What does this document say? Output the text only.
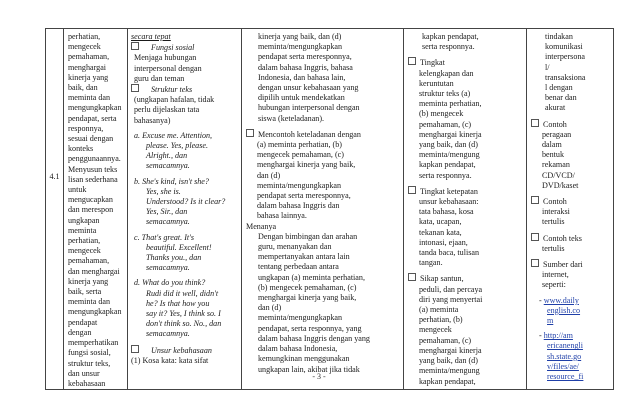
4.1

perhatian,
mengecek
pemahaman,
menghargai
kinerja yang
baik, dan
meminta dan
mengungkapkan
pendapat, serta
responnya,
sesuai dengan
konteks
penggunaannya.
Menyusun teks
lisan sederhana
untuk
mengucapkan
dan merespon
ungkapan
meminta
perhatian,
mengecek
pemahaman,
dan menghargai
kinerja yang
baik, serta
meminta dan
mengungkapkan
pendapat
dengan
memperhatikan
fungsi sosial,
struktur teks,
dan unsur
kebahasaan

secara tepat
Fungsi sosial
Menjaga hubungan
interpersonal dengan
guru dan teman
Struktur teks
(ungkapan hafalan, tidak
perlu dijelaskan tata
bahasanya)
a. Excuse me. Attention,
please. Yes, please.
Alright., dan
semacamnya.
b. She's kind, isn't she?
Yes, she is.
Understood? Is it clear?
Yes, Sir., dan
semacamnya.
c. That's great. It's
beautiful. Excellent!
Thanks you., dan
semacamnya.
d. What do you think?
Rudi did it well, didn't
he? Is that how you
say it? Yes, I think so. I
don't think so. No., dan
semacamnya.
Unsur kebahasaan
(1) Kosa kata: kata sifat

kinerja yang baik, dan (d)
meminta/mengungkapkan
pendapat serta meresponnya,
dalam bahasa Inggris, bahasa
Indonesia, dan bahasa lain,
dengan unsur kebahasaan yang
dipilih untuk mendekatkan
hubungan interpersonal dengan
siswa (keteladanan).
Mencontoh keteladanan dengan
(a) meminta perhatian, (b)
mengecek pemahaman, (c)
menghargai kinerja yang baik,
dan (d)
meminta/mengungkapkan
pendapat serta meresponnya,
dalam bahasa Inggris dan
bahasa lainnya.
Menanya
Dengan bimbingan dan arahan
guru, menanyakan dan
mempertanyakan antara lain
tentang perbedaan antara
ungkapan (a) meminta perhatian,
(b) mengecek pemahaman, (c)
menghargai kinerja yang baik,
dan (d)
meminta/mengungkapkan
pendapat, serta responnya, yang
dalam bahasa Inggris dengan yang
dalam bahasa Indonesia,
kemungkinan menggunakan
ungkapan lain, akibat jika tidak

kapkan pendapat,
serta responnya.
Tingkat
kelengkapan dan
keruntutan
struktur teks (a)
meminta perhatian,
(b) mengecek
pemahaman, (c)
menghargai kinerja
yang baik, dan (d)
meminta/mengung
kapkan pendapat,
serta responnya.
Tingkat ketepatan
unsur kebahasaan:
tata bahasa, kosa
kata, ucapan,
tekanan kata,
intonasi, ejaan,
tanda baca, tulisan
tangan.
Sikap santun,
peduli, dan percaya
diri yang menyertai
(a) meminta
perhatian, (b)
mengecek
pemahaman, (c)
menghargai kinerja
yang baik, dan (d)
meminta/mengung
kapkan pendapat,

tindakan
komunikasi
interpersona
l/
transaksiona
l dengan
benar dan
akurat
Contoh
peragaan
dalam
bentuk
rekaman
CD/VCD/
DVD/kaset
Contoh
interaksi
tertulis
Contoh teks
tertulis
Sumber dari
internet,
seperti:
- www.daily
english.co
m
- http://am
ericanengli
sh.state.go
v/files/ae/
resource_fi
- 3 -
